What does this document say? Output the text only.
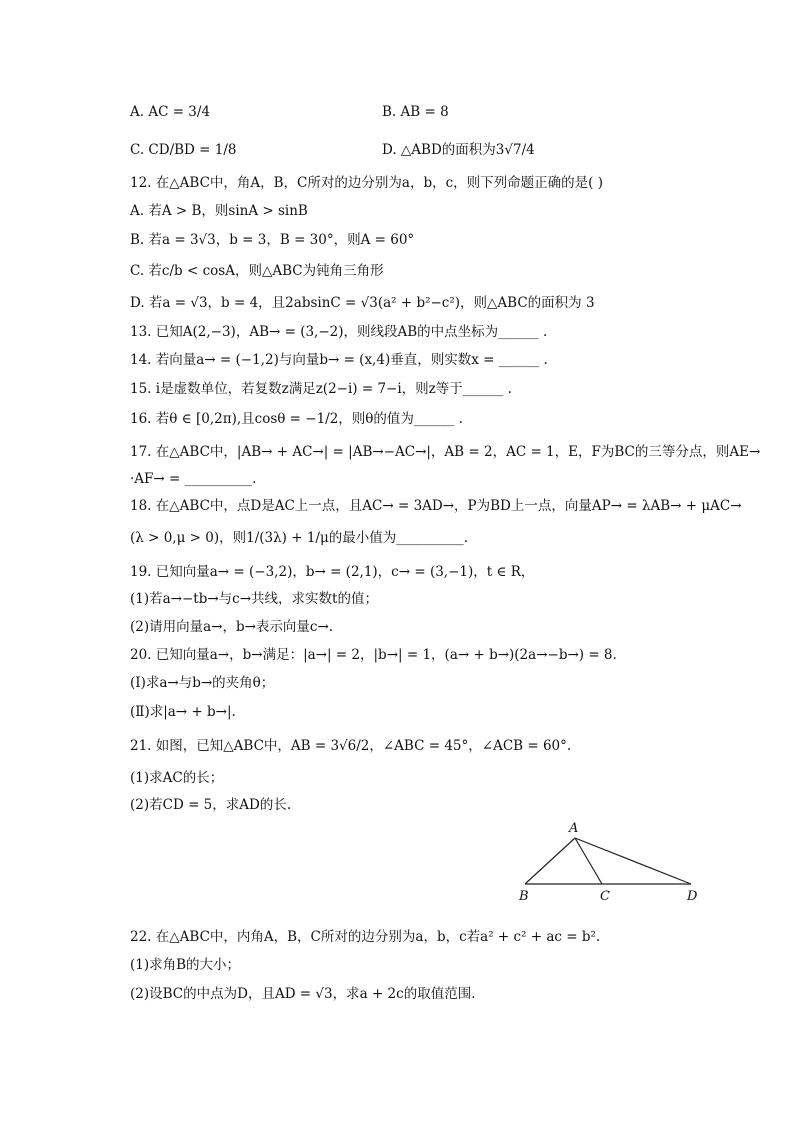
A. AC = 3/4	B. AB = 8
C. CD/BD = 1/8	D. △ABD的面积为3√7/4
12. 在△ABC中，角A，B，C所对的边分别为a，b，c，则下列命题正确的是( )
A. 若A > B，则sinA > sinB
B. 若a = 3√3，b = 3，B = 30°，则A = 60°
C. 若c/b < cosA，则△ABC为钝角三角形
D. 若a = √3，b = 4，且2absinC = √3(a² + b²−c²)，则△ABC的面积为 3
13. 已知A(2,−3)，AB→ = (3,−2)，则线段AB的中点坐标为______ .
14. 若向量a→ = (−1,2)与向量b→ = (x,4)垂直，则实数x = ______ .
15. i是虚数单位，若复数z满足z(2−i) = 7−i，则z等于______ .
16. 若θ ∈ [0,2π),且cosθ = −1/2，则θ的值为______ .
17. 在△ABC中，|AB→ + AC→| = |AB→−AC→|，AB = 2，AC = 1，E，F为BC的三等分点，则AE→
·AF→ = __________.
18. 在△ABC中，点D是AC上一点，且AC→ = 3AD→，P为BD上一点，向量AP→ = λAB→ + μAC→
(λ > 0,μ > 0)，则1/(3λ) + 1/μ的最小值为__________.
19. 已知向量a→ = (−3,2)，b→ = (2,1)，c→ = (3,−1)，t ∈ R，
(1)若a→−tb→与c→共线，求实数t的值；
(2)请用向量a→，b→表示向量c→.
20. 已知向量a→，b→满足：|a→| = 2，|b→| = 1，(a→ + b→)(2a→−b→) = 8.
(Ⅰ)求a→与b→的夹角θ；
(Ⅱ)求|a→ + b→|.
21. 如图，已知△ABC中，AB = 3√6/2，∠ABC = 45°，∠ACB = 60°.
(1)求AC的长；
(2)若CD = 5，求AD的长.
A
B	C	D
22. 在△ABC中，内角A，B，C所对的边分别为a，b，c若a² + c² + ac = b².
(1)求角B的大小；
(2)设BC的中点为D，且AD = √3，求a + 2c的取值范围.
